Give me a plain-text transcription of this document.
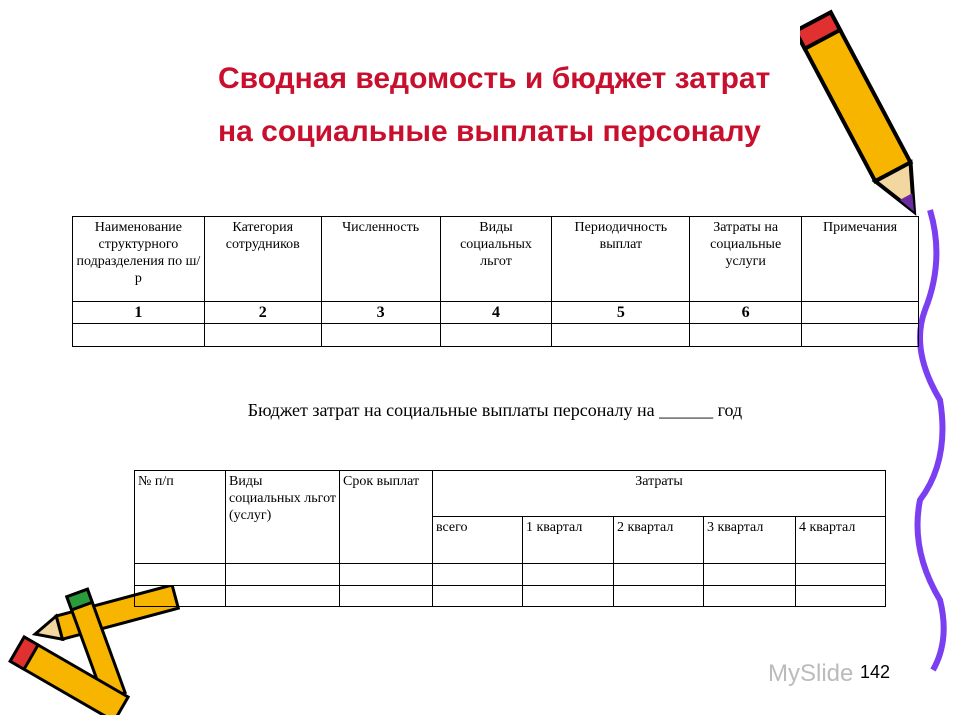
Сводная ведомость и бюджет затрат
на социальные выплаты персоналу
Наименование структурного подразделения по ш/р	Категория сотрудников	Численность	Виды социальных льгот	Периодичность выплат	Затраты на социальные услуги	Примечания
1	2	3	4	5	6	

Бюджет затрат на социальные выплаты персоналу на ______ год
№ п/п	Виды социальных льгот (услуг)	Срок выплат	Затраты				
			всего	1 квартал	2 квартал	3 квартал	4 квартал

MySlide 142
